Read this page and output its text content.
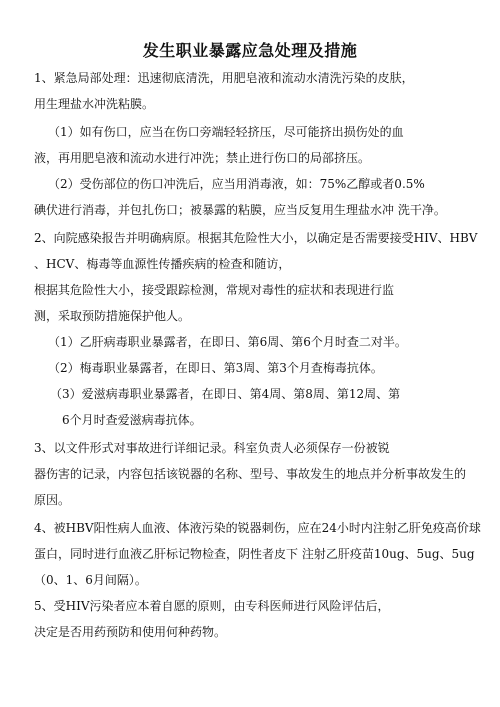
发生职业暴露应急处理及措施
1、紧急局部处理：迅速彻底清洗，用肥皂液和流动水清洗污染的皮肤，
用生理盐水冲洗粘膜。
（1）如有伤口，应当在伤口旁端轻轻挤压，尽可能挤出损伤处的血
液，再用肥皂液和流动水进行冲洗；禁止进行伤口的局部挤压。
（2）受伤部位的伤口冲洗后，应当用消毒液，如：75%乙醇或者0.5%
碘伏进行消毒，并包扎伤口；被暴露的粘膜，应当反复用生理盐水冲 洗干净。
2、向院感染报告并明确病原。根据其危险性大小，以确定是否需要接受HIV、HBV
、HCV、梅毒等血源性传播疾病的检查和随访，
根据其危险性大小，接受跟踪检测，常规对毒性的症状和表现进行监
测，采取预防措施保护他人。
（1）乙肝病毒职业暴露者，在即日、第6周、第6个月时查二对半。
（2）梅毒职业暴露者，在即日、第3周、第3个月查梅毒抗体。
（3）爱滋病毒职业暴露者，在即日、第4周、第8周、第12周、第
6个月时查爱滋病毒抗体。
3、以文件形式对事故进行详细记录。科室负责人必须保存一份被锐
器伤害的记录，内容包括该锐器的名称、型号、事故发生的地点并分析事故发生的
原因。
4、被HBV阳性病人血液、体液污染的锐器刺伤，应在24小时内注射乙肝免疫高价球
蛋白，同时进行血液乙肝标记物检查，阴性者皮下 注射乙肝疫苗10ug、5ug、5ug
（0、1、6月间隔）。
5、受HIV污染者应本着自愿的原则，由专科医师进行风险评估后，
决定是否用药预防和使用何种药物。
